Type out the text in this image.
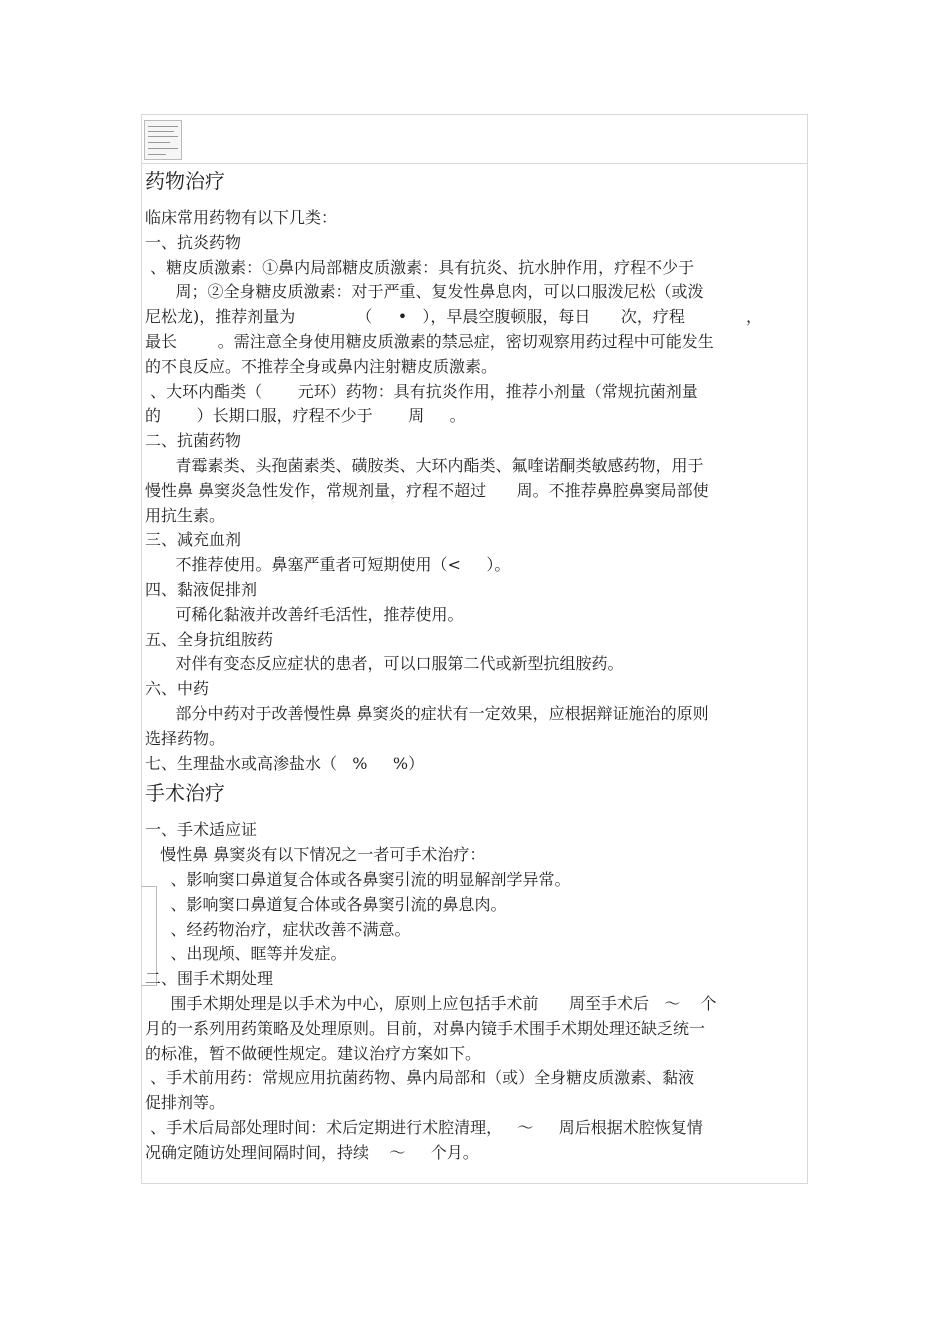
药物治疗

临床常用药物有以下几类：

一、抗炎药物

、糖皮质激素：①鼻内局部糖皮质激素：具有抗炎、抗水肿作用，疗程不少于

周；②全身糖皮质激素：对于严重、复发性鼻息肉，可以口服泼尼松（或泼

尼松龙)，推荐剂量为            （     •   ），早晨空腹顿服，每日      次，疗程            ，

最长        。需注意全身使用糖皮质激素的禁忌症，密切观察用药过程中可能发生

的不良反应。不推荐全身或鼻内注射糖皮质激素。

、大环内酯类（       元环）药物：具有抗炎作用，推荐小剂量（常规抗菌剂量

的       ）长期口服，疗程不少于       周     。

二、抗菌药物

青霉素类、头孢菌素类、磺胺类、大环内酯类、氟喹诺酮类敏感药物，用于

慢性鼻 鼻窦炎急性发作，常规剂量，疗程不超过      周。不推荐鼻腔鼻窦局部使

用抗生素。

三、减充血剂

不推荐使用。鼻塞严重者可短期使用（<     ）。

四、黏液促排剂

可稀化黏液并改善纤毛活性，推荐使用。

五、全身抗组胺药

对伴有变态反应症状的患者，可以口服第二代或新型抗组胺药。

六、中药

部分中药对于改善慢性鼻 鼻窦炎的症状有一定效果，应根据辩证施治的原则

选择药物。

七、生理盐水或高渗盐水（   %     %）

手术治疗

一、手术适应证

慢性鼻 鼻窦炎有以下情况之一者可手术治疗：

、影响窦口鼻道复合体或各鼻窦引流的明显解剖学异常。

、影响窦口鼻道复合体或各鼻窦引流的鼻息肉。

、经药物治疗，症状改善不满意。

、出现颅、眶等并发症。

二、围手术期处理

围手术期处理是以手术为中心，原则上应包括手术前      周至手术后   ～    个

月的一系列用药策略及处理原则。目前，对鼻内镜手术围手术期处理还缺乏统一

的标准，暂不做硬性规定。建议治疗方案如下。

、手术前用药：常规应用抗菌药物、鼻内局部和（或）全身糖皮质激素、黏液

促排剂等。

、手术后局部处理时间：术后定期进行术腔清理，   ～     周后根据术腔恢复情

况确定随访处理间隔时间，持续    ～     个月。
